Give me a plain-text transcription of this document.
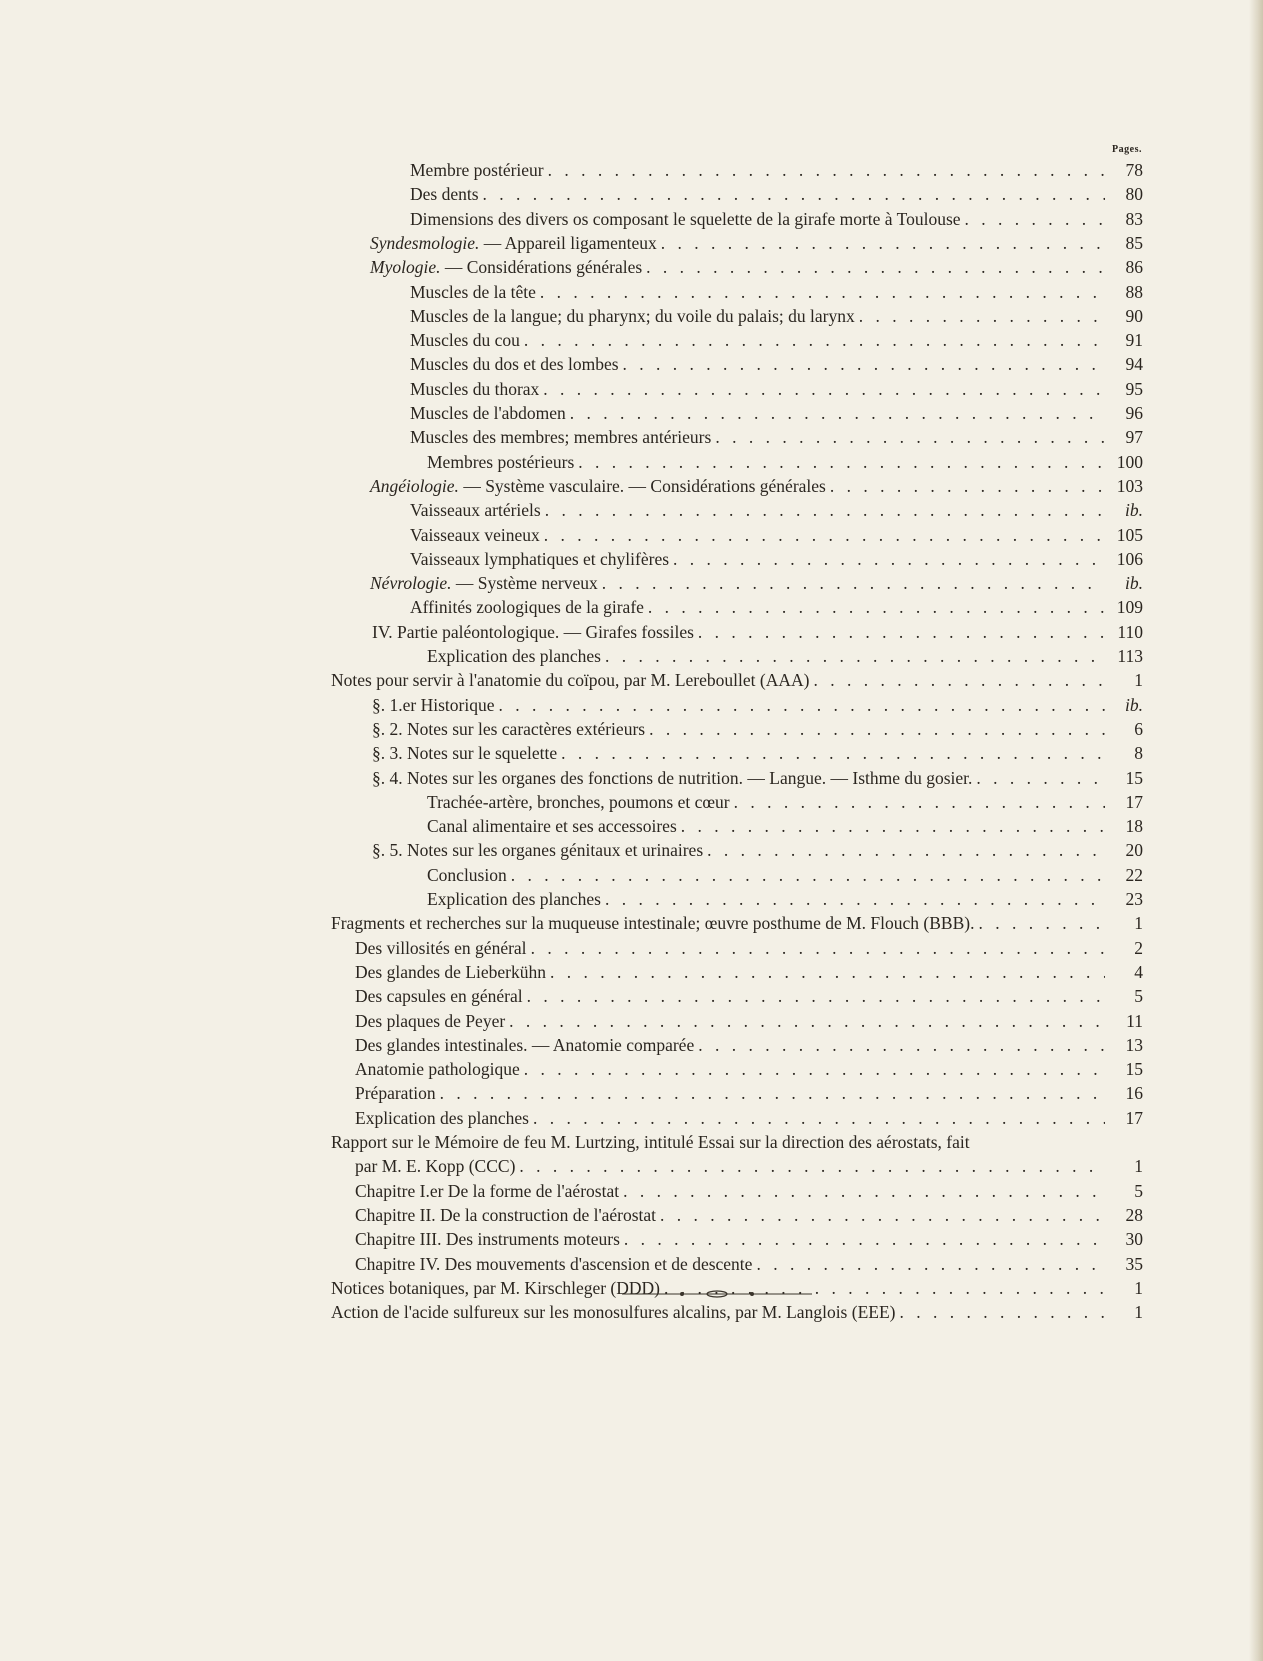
Pages.
Membre postérieur . . .	78
Des dents . . .	80
Dimensions des divers os composant le squelette de la girafe morte à Toulouse . . .	83
Syndesmologie. — Appareil ligamenteux . . .	85
Myologie. — Considérations générales . . .	86
Muscles de la tête . . .	88
Muscles de la langue; du pharynx; du voile du palais; du larynx . . .	90
Muscles du cou . . .	91
Muscles du dos et des lombes . . .	94
Muscles du thorax . . .	95
Muscles de l'abdomen . . .	96
Muscles des membres; membres antérieurs . . .	97
Membres postérieurs . . .	100
Angéiologie. — Système vasculaire. — Considérations générales . . .	103
Vaisseaux artériels . . .	ib.
Vaisseaux veineux . . .	105
Vaisseaux lymphatiques et chylifères . . .	106
Névrologie. — Système nerveux . . .	ib.
Affinités zoologiques de la girafe . . .	109
IV. Partie paléontologique. — Girafes fossiles . . .	110
Explication des planches . . .	113
Notes pour servir à l'anatomie du coïpou, par M. Lereboullet (AAA) . . .	1
§. 1.er Historique . . .	ib.
§. 2. Notes sur les caractères extérieurs . . .	6
§. 3. Notes sur le squelette . . .	8
§. 4. Notes sur les organes des fonctions de nutrition. — Langue. — Isthme du gosier. . . .	15
Trachée-artère, bronches, poumons et cœur . . .	17
Canal alimentaire et ses accessoires . . .	18
§. 5. Notes sur les organes génitaux et urinaires . . .	20
Conclusion . . .	22
Explication des planches . . .	23
Fragments et recherches sur la muqueuse intestinale; œuvre posthume de M. Flouch (BBB). . . .	1
Des villosités en général . . .	2
Des glandes de Lieberkühn . . .	4
Des capsules en général . . .	5
Des plaques de Peyer . . .	11
Des glandes intestinales. — Anatomie comparée . . .	13
Anatomie pathologique . . .	15
Préparation . . .	16
Explication des planches . . .	17
Rapport sur le Mémoire de feu M. Lurtzing, intitulé Essai sur la direction des aérostats, fait
par M. E. Kopp (CCC) . . .	1
Chapitre I.er De la forme de l'aérostat . . .	5
Chapitre II. De la construction de l'aérostat . . .	28
Chapitre III. Des instruments moteurs . . .	30
Chapitre IV. Des mouvements d'ascension et de descente . . .	35
Notices botaniques, par M. Kirschleger (DDD) . . .	1
Action de l'acide sulfureux sur les monosulfures alcalins, par M. Langlois (EEE) . . .	1
